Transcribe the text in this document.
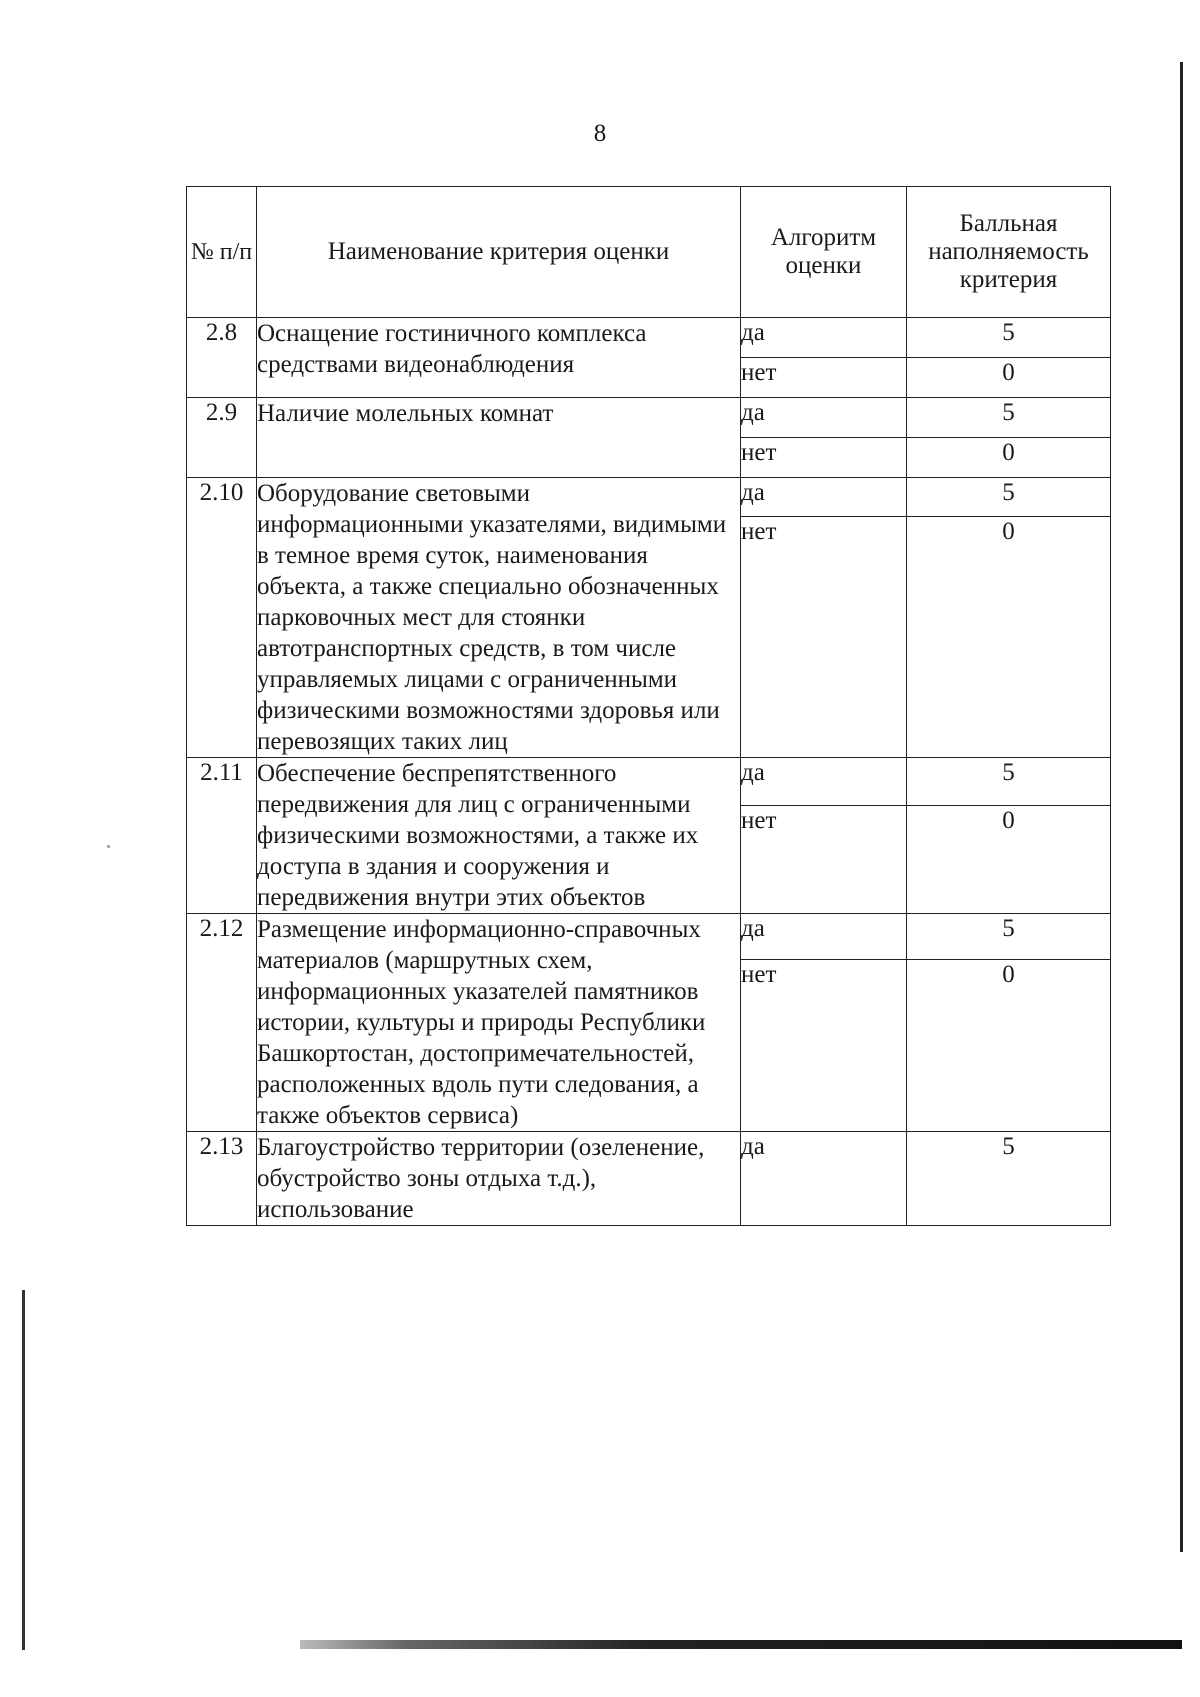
8
№ п/п	Наименование критерия оценки	Алгоритм оценки	Балльная наполняемость критерия
2.8	Оснащение гостиничного комплекса средствами видеонаблюдения	да	5
		нет	0
2.9	Наличие молельных комнат	да	5
		нет	0
2.10	Оборудование световыми информационными указателями, видимыми в темное время суток, наименования объекта, а также специально обозначенных парковочных мест для стоянки автотранспортных средств, в том числе управляемых лицами с ограниченными физическими возможностями здоровья или перевозящих таких лиц	да	5
		нет	0
2.11	Обеспечение беспрепятственного передвижения для лиц с ограниченными физическими возможностями, а также их доступа в здания и сооружения и передвижения внутри этих объектов	да	5
		нет	0
2.12	Размещение информационно-справочных материалов (маршрутных схем, информационных указателей памятников истории, культуры и природы Республики Башкортостан, достопримечательностей, расположенных вдоль пути следования, а также объектов сервиса)	да	5
		нет	0
2.13	Благоустройство территории (озеленение, обустройство зоны отдыха т.д.), использование	да	5
